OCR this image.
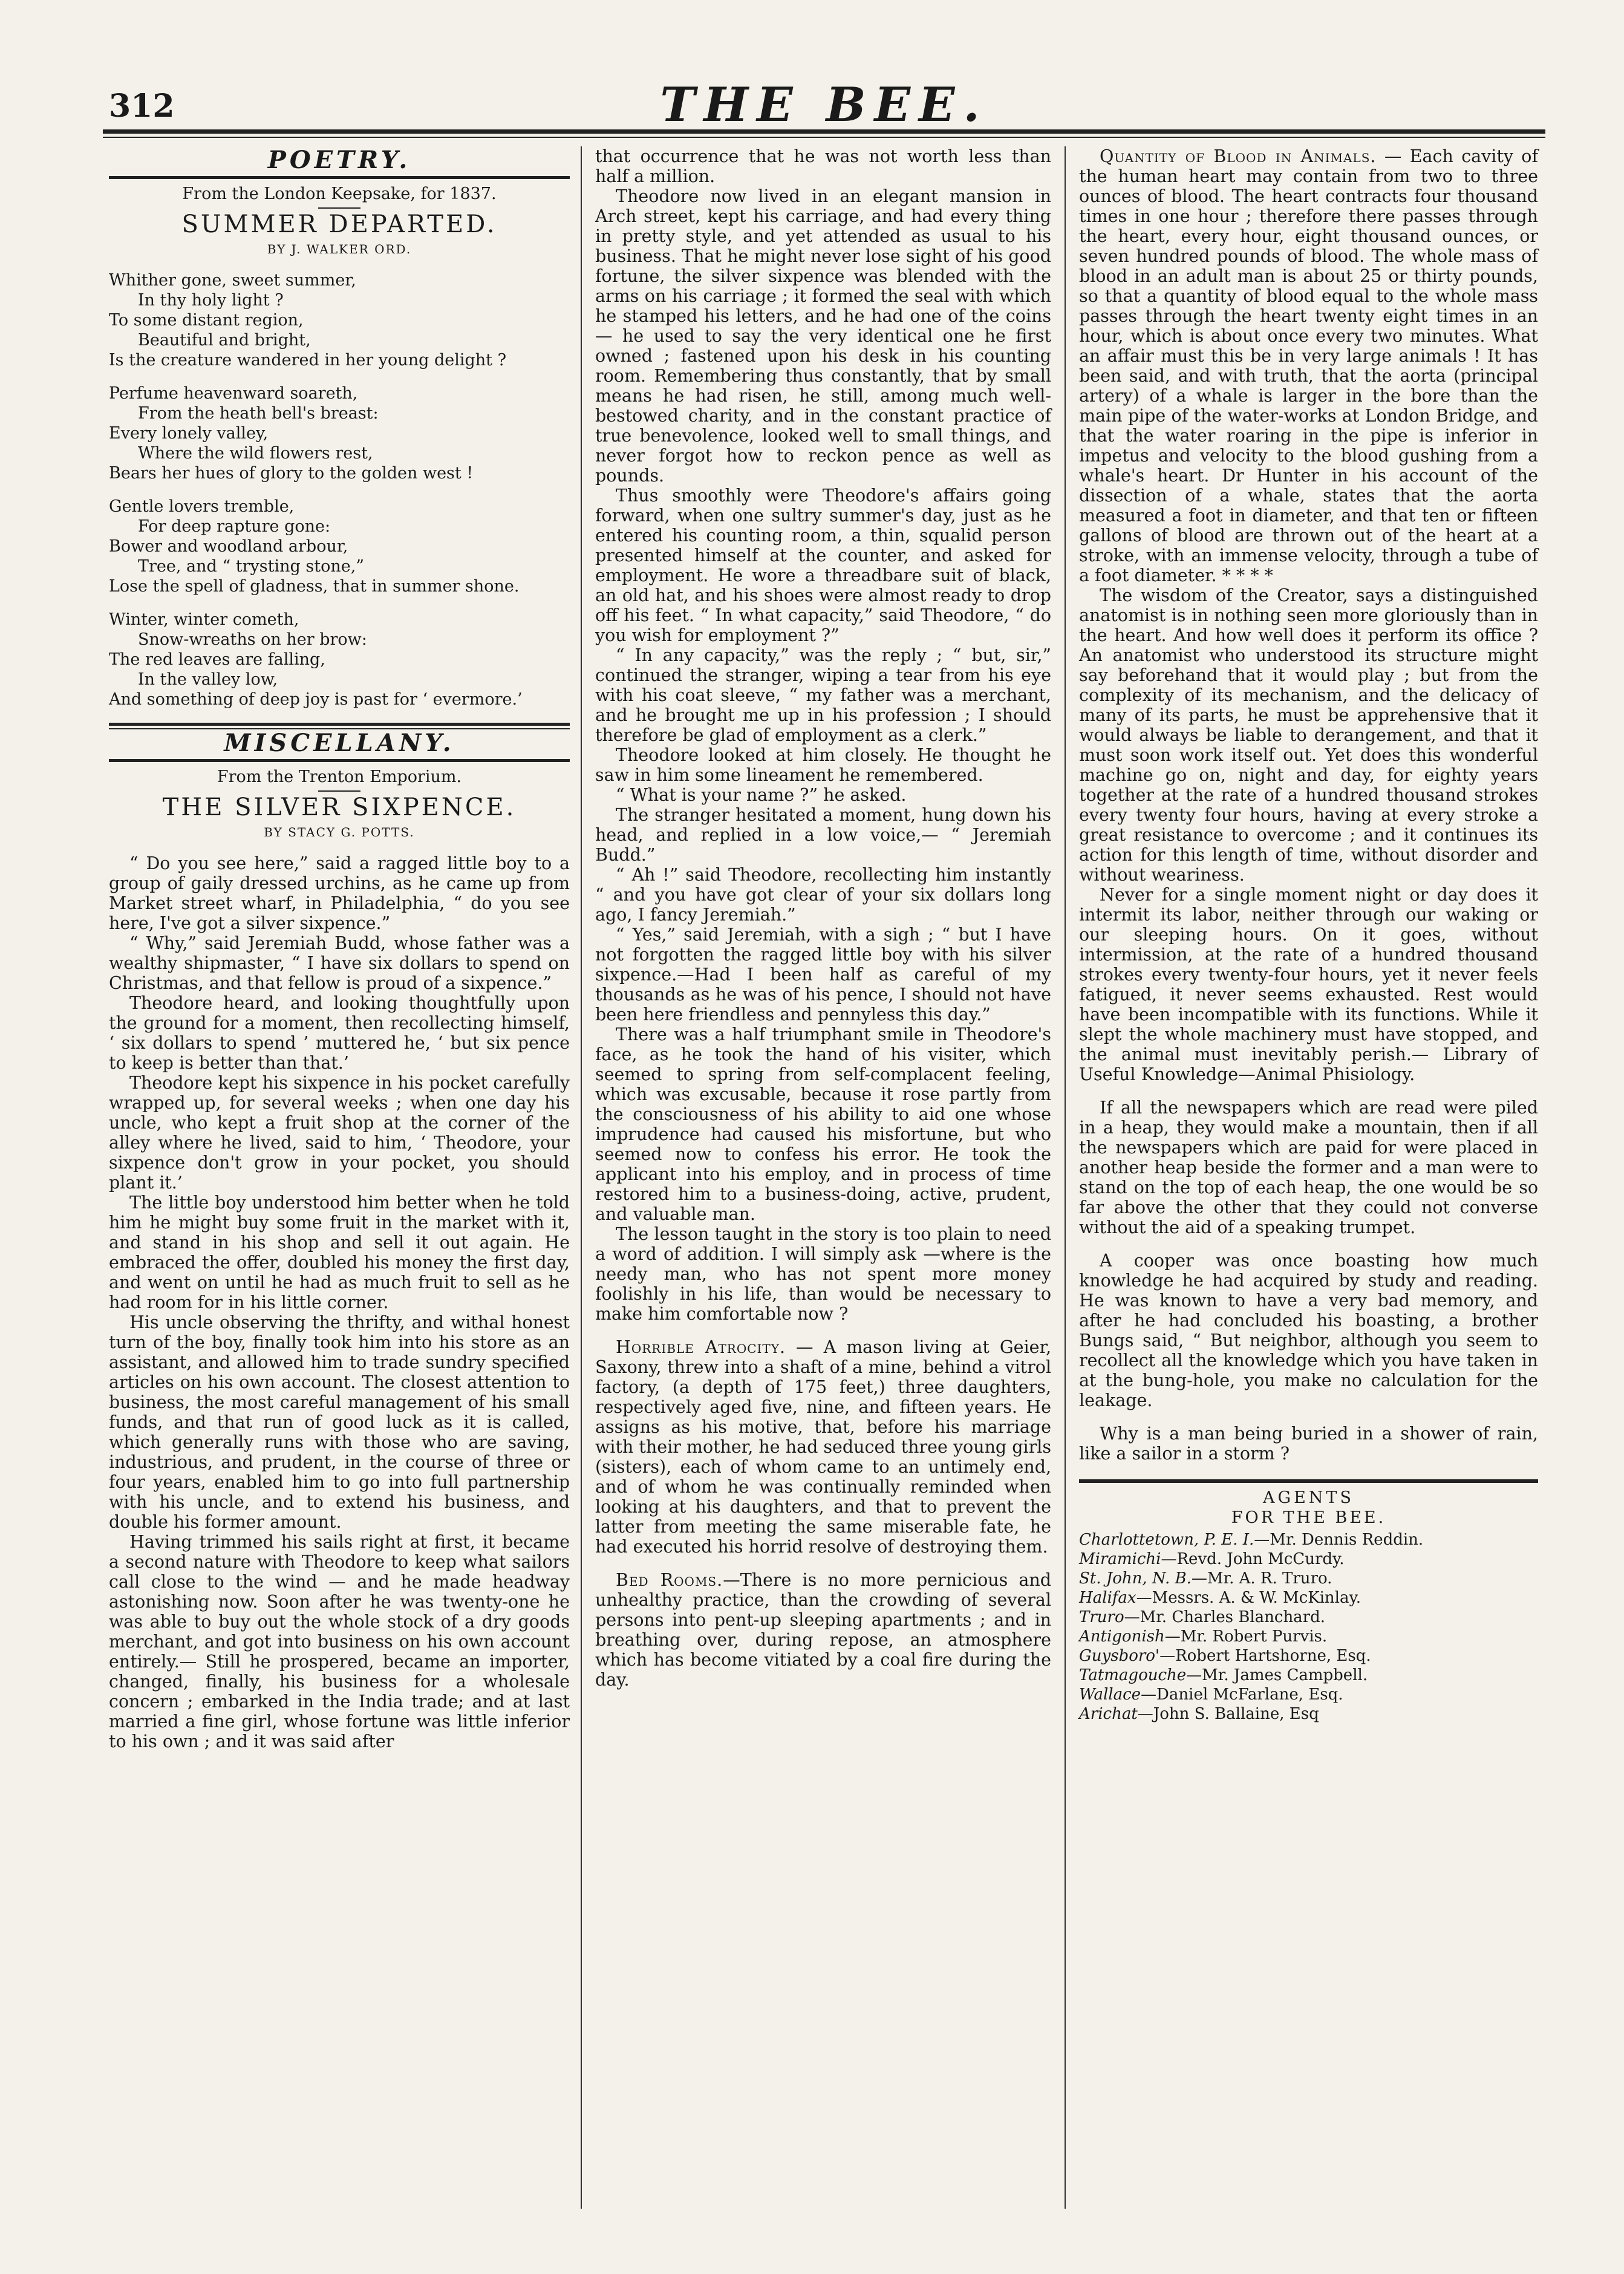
312	THE BEE.
POETRY.
From the London Keepsake, for 1837.
SUMMER DEPARTED.
BY J. WALKER ORD.

Whither gone, sweet summer,

In thy holy light ?

To some distant region,

Beautiful and bright,

Is the creature wandered in her young delight ?

Perfume heavenward soareth,

From the heath bell's breast:

Every lonely valley,

Where the wild flowers rest,

Bears her hues of glory to the golden west !

Gentle lovers tremble,

For deep rapture gone:

Bower and woodland arbour,

Tree, and “ trysting stone,”

Lose the spell of gladness, that in summer shone.

Winter, winter cometh,

Snow-wreaths on her brow:

The red leaves are falling,

In the valley low,

And something of deep joy is past for ‘ evermore.’

MISCELLANY.
From the Trenton Emporium.
THE SILVER SIXPENCE.
BY STACY G. POTTS.

“ Do you see here,” said a ragged little boy to a group of gaily dressed urchins, as he came up from Market street wharf, in Philadelphia, “ do you see here, I've got a silver sixpence.”

“ Why,” said Jeremiah Budd, whose father was a wealthy shipmaster, “ I have six dollars to spend on Christmas, and that fellow is proud of a sixpence.”

Theodore heard, and looking thoughtfully upon the ground for a moment, then recollecting himself, ‘ six dollars to spend ’ muttered he, ‘ but six pence to keep is better than that.’

Theodore kept his sixpence in his pocket carefully wrapped up, for several weeks ; when one day his uncle, who kept a fruit shop at the corner of the alley where he lived, said to him, ‘ Theodore, your sixpence don't grow in your pocket, you should plant it.’

The little boy understood him better when he told him he might buy some fruit in the market with it, and stand in his shop and sell it out again. He embraced the offer, doubled his money the first day, and went on until he had as much fruit to sell as he had room for in his little corner.

His uncle observing the thrifty, and withal honest turn of the boy, finally took him into his store as an assistant, and allowed him to trade sundry specified articles on his own account. The closest attention to business, the most careful management of his small funds, and that run of good luck as it is called, which generally runs with those who are saving, industrious, and prudent, in the course of three or four years, enabled him to go into full partnership with his uncle, and to extend his business, and double his former amount.

Having trimmed his sails right at first, it became a second nature with Theodore to keep what sailors call close to the wind — and he made headway astonishing now. Soon after he was twenty-one he was able to buy out the whole stock of a dry goods merchant, and got into business on his own account entirely.— Still he prospered, became an importer, changed, finally, his business for a wholesale concern ; embarked in the India trade; and at last married a fine girl, whose fortune was little inferior to his own ; and it was said after

that occurrence that he was not worth less than half a million.

Theodore now lived in an elegant mansion in Arch street, kept his carriage, and had every thing in pretty style, and yet attended as usual to his business. That he might never lose sight of his good fortune, the silver sixpence was blended with the arms on his carriage ; it formed the seal with which he stamped his letters, and he had one of the coins— he used to say the very identical one he first owned ; fastened upon his desk in his counting room. Remembering thus constantly, that by small means he had risen, he still, among much well-bestowed charity, and in the constant practice of true benevolence, looked well to small things, and never forgot how to reckon pence as well as pounds.

Thus smoothly were Theodore's affairs going forward, when one sultry summer's day, just as he entered his counting room, a thin, squalid person presented himself at the counter, and asked for employment. He wore a threadbare suit of black, an old hat, and his shoes were almost ready to drop off his feet. “ In what capacity,” said Theodore, “ do you wish for employment ?”

“ In any capacity,” was the reply ; “ but, sir,” continued the stranger, wiping a tear from his eye with his coat sleeve, “ my father was a merchant, and he brought me up in his profession ; I should therefore be glad of employment as a clerk.”

Theodore looked at him closely. He thought he saw in him some lineament he remembered.

“ What is your name ?” he asked.

The stranger hesitated a moment, hung down his head, and replied in a low voice,— “ Jeremiah Budd.”

“ Ah !” said Theodore, recollecting him instantly “ and you have got clear of your six dollars long ago, I fancy Jeremiah.”

“ Yes,” said Jeremiah, with a sigh ; “ but I have not forgotten the ragged little boy with his silver sixpence.—Had I been half as careful of my thousands as he was of his pence, I should not have been here friendless and pennyless this day.”

There was a half triumphant smile in Theodore's face, as he took the hand of his visiter, which seemed to spring from self-complacent feeling, which was excusable, because it rose partly from the consciousness of his ability to aid one whose imprudence had caused his misfortune, but who seemed now to confess his error. He took the applicant into his employ, and in process of time restored him to a business-doing, active, prudent, and valuable man.

The lesson taught in the story is too plain to need a word of addition. I will simply ask —where is the needy man, who has not spent more money foolishly in his life, than would be necessary to make him comfortable now ?

Horrible Atrocity. — A mason living at Geier, Saxony, threw into a shaft of a mine, behind a vitrol factory, (a depth of 175 feet,) three daughters, respectively aged five, nine, and fifteen years. He assigns as his motive, that, before his marriage with their mother, he had seduced three young girls (sisters), each of whom came to an untimely end, and of whom he was continually reminded when looking at his daughters, and that to prevent the latter from meeting the same miserable fate, he had executed his horrid resolve of destroying them.

Bed Rooms.—There is no more pernicious and unhealthy practice, than the crowding of several persons into pent-up sleeping apartments ; and in breathing over, during repose, an atmosphere which has become vitiated by a coal fire during the day.

Quantity of Blood in Animals. — Each cavity of the human heart may contain from two to three ounces of blood. The heart contracts four thousand times in one hour ; therefore there passes through the heart, every hour, eight thousand ounces, or seven hundred pounds of blood. The whole mass of blood in an adult man is about 25 or thirty pounds, so that a quantity of blood equal to the whole mass passes through the heart twenty eight times in an hour, which is about once every two minutes. What an affair must this be in very large animals ! It has been said, and with truth, that the aorta (principal artery) of a whale is larger in the bore than the main pipe of the water-works at London Bridge, and that the water roaring in the pipe is inferior in impetus and velocity to the blood gushing from a whale's heart. Dr Hunter in his account of the dissection of a whale, states that the aorta measured a foot in diameter, and that ten or fifteen gallons of blood are thrown out of the heart at a stroke, with an immense velocity, through a tube of a foot diameter. * * * *

The wisdom of the Creator, says a distinguished anatomist is in nothing seen more gloriously than in the heart. And how well does it perform its office ? An anatomist who understood its structure might say beforehand that it would play ; but from the complexity of its mechanism, and the delicacy of many of its parts, he must be apprehensive that it would always be liable to derangement, and that it must soon work itself out. Yet does this wonderful machine go on, night and day, for eighty years together at the rate of a hundred thousand strokes every twenty four hours, having at every stroke a great resistance to overcome ; and it continues its action for this length of time, without disorder and without weariness.

Never for a single moment night or day does it intermit its labor, neither through our waking or our sleeping hours. On it goes, without intermission, at the rate of a hundred thousand strokes every twenty-four hours, yet it never feels fatigued, it never seems exhausted. Rest would have been incompatible with its functions. While it slept the whole machinery must have stopped, and the animal must inevitably perish.— Library of Useful Knowledge—Animal Phisiology.

If all the newspapers which are read were piled in a heap, they would make a mountain, then if all the newspapers which are paid for were placed in another heap beside the former and a man were to stand on the top of each heap, the one would be so far above the other that they could not converse without the aid of a speaking trumpet.

A cooper was once boasting how much knowledge he had acquired by study and reading. He was known to have a very bad memory, and after he had concluded his boasting, a brother Bungs said, “ But neighbor, although you seem to recollect all the knowledge which you have taken in at the bung-hole, you make no calculation for the leakage.

Why is a man being buried in a shower of rain, like a sailor in a storm ?

AGENTS

FOR THE BEE.

Charlottetown, P. E. I.—Mr. Dennis Reddin.

Miramichi—Revd. John McCurdy.

St. John, N. B.—Mr. A. R. Truro.

Halifax—Messrs. A. & W. McKinlay.

Truro—Mr. Charles Blanchard.

Antigonish—Mr. Robert Purvis.

Guysboro'—Robert Hartshorne, Esq.

Tatmagouche—Mr. James Campbell.

Wallace—Daniel McFarlane, Esq.

Arichat—John S. Ballaine, Esq
